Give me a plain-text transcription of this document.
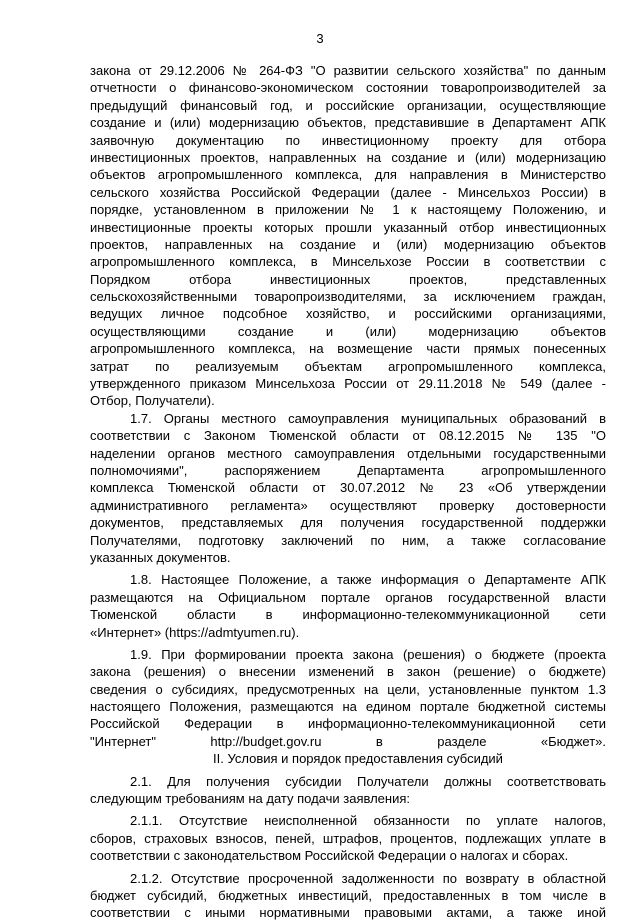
3
закона от 29.12.2006 № 264-ФЗ "О развитии сельского хозяйства" по данным
отчетности о финансово-экономическом состоянии товаропроизводителей за
предыдущий финансовый год, и российские организации, осуществляющие
создание и (или) модернизацию объектов, представившие в Департамент АПК
заявочную документацию по инвестиционному проекту для отбора
инвестиционных проектов, направленных на создание и (или) модернизацию
объектов агропромышленного комплекса, для направления в Министерство
сельского хозяйства Российской Федерации (далее - Минсельхоз России) в
порядке, установленном в приложении № 1 к настоящему Положению, и
инвестиционные проекты которых прошли указанный отбор инвестиционных
проектов, направленных на создание и (или) модернизацию объектов
агропромышленного комплекса, в Минсельхозе России в соответствии с
Порядком отбора инвестиционных проектов, представленных
сельскохозяйственными товаропроизводителями, за исключением граждан,
ведущих личное подсобное хозяйство, и российскими организациями,
осуществляющими создание и (или) модернизацию объектов
агропромышленного комплекса, на возмещение части прямых понесенных
затрат по реализуемым объектам агропромышленного комплекса,
утвержденного приказом Минсельхоза России от 29.11.2018 № 549 (далее -
Отбор, Получатели).
1.7. Органы местного самоуправления муниципальных образований в
соответствии с Законом Тюменской области от 08.12.2015 № 135 "О
наделении органов местного самоуправления отдельными государственными
полномочиями", распоряжением Департамента агропромышленного
комплекса Тюменской области от 30.07.2012 № 23 «Об утверждении
административного регламента» осуществляют проверку достоверности
документов, представляемых для получения государственной поддержки
Получателями, подготовку заключений по ним, а также согласование
указанных документов.
1.8. Настоящее Положение, а также информация о Департаменте АПК
размещаются на Официальном портале органов государственной власти
Тюменской области в информационно-телекоммуникационной сети
«Интернет» (https://admtyumen.ru).
1.9. При формировании проекта закона (решения) о бюджете (проекта
закона (решения) о внесении изменений в закон (решение) о бюджете)
сведения о субсидиях, предусмотренных на цели, установленные пунктом 1.3
настоящего Положения, размещаются на едином портале бюджетной системы
Российской Федерации в информационно-телекоммуникационной сети
"Интернет" http://budget.gov.ru в разделе «Бюджет».
II. Условия и порядок предоставления субсидий
2.1. Для получения субсидии Получатели должны соответствовать
следующим требованиям на дату подачи заявления:
2.1.1. Отсутствие неисполненной обязанности по уплате налогов,
сборов, страховых взносов, пеней, штрафов, процентов, подлежащих уплате в
соответствии с законодательством Российской Федерации о налогах и сборах.
2.1.2. Отсутствие просроченной задолженности по возврату в областной
бюджет субсидий, бюджетных инвестиций, предоставленных в том числе в
соответствии с иными нормативными правовыми актами, а также иной
